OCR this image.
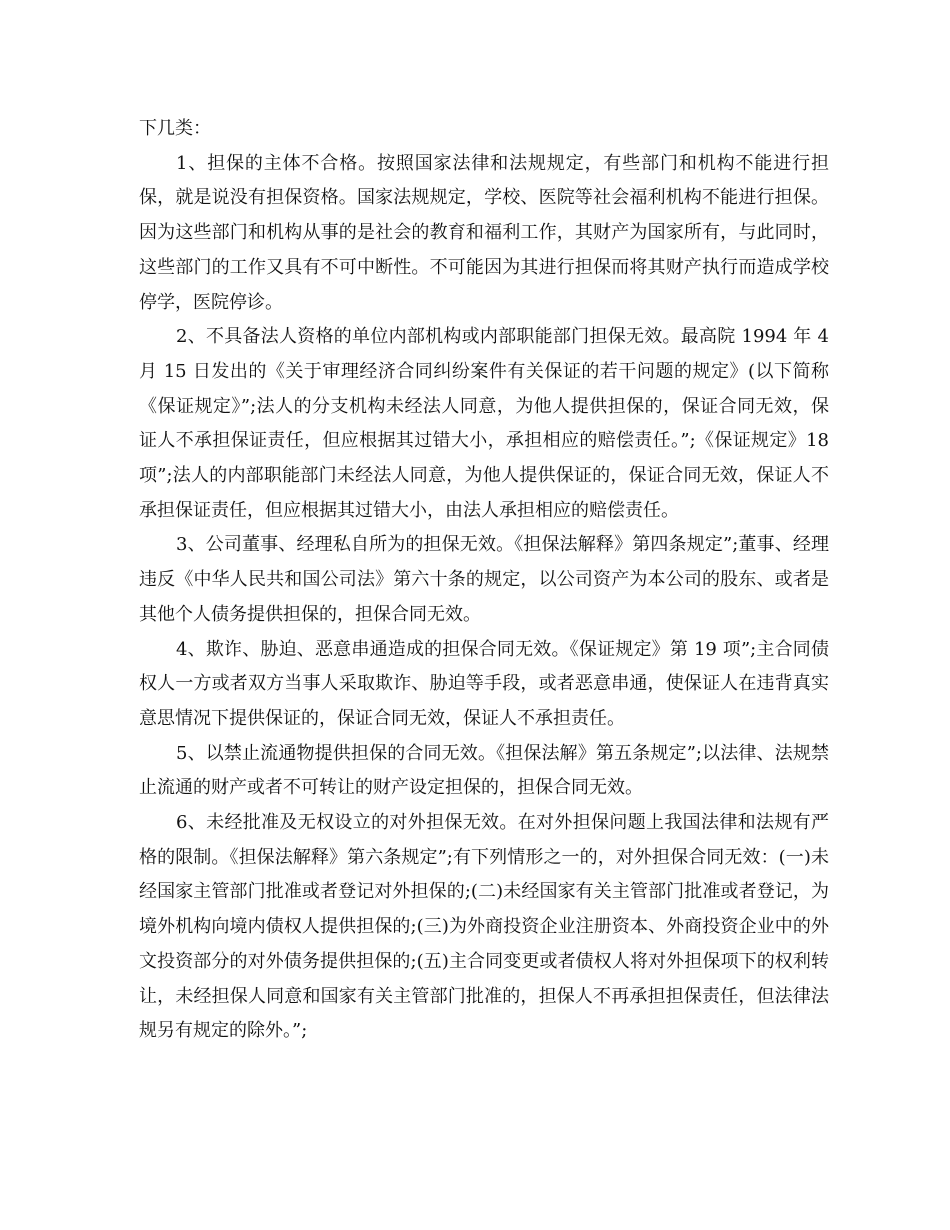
下几类：

1、担保的主体不合格。按照国家法律和法规规定，有些部门和机构不能进行担保，就是说没有担保资格。国家法规规定，学校、医院等社会福利机构不能进行担保。因为这些部门和机构从事的是社会的教育和福利工作，其财产为国家所有，与此同时，这些部门的工作又具有不可中断性。不可能因为其进行担保而将其财产执行而造成学校停学，医院停诊。

2、不具备法人资格的单位内部机构或内部职能部门担保无效。最高院 1994 年 4 月 15 日发出的《关于审理经济合同纠纷案件有关保证的若干问题的规定》(以下简称《保证规定》”;法人的分支机构未经法人同意，为他人提供担保的，保证合同无效，保证人不承担保证责任，但应根据其过错大小，承担相应的赔偿责任。”;《保证规定》18 项”;法人的内部职能部门未经法人同意，为他人提供保证的，保证合同无效，保证人不承担保证责任，但应根据其过错大小，由法人承担相应的赔偿责任。

3、公司董事、经理私自所为的担保无效。《担保法解释》第四条规定”;董事、经理违反《中华人民共和国公司法》第六十条的规定，以公司资产为本公司的股东、或者是其他个人债务提供担保的，担保合同无效。

4、欺诈、胁迫、恶意串通造成的担保合同无效。《保证规定》第 19 项”;主合同债权人一方或者双方当事人采取欺诈、胁迫等手段，或者恶意串通，使保证人在违背真实意思情况下提供保证的，保证合同无效，保证人不承担责任。

5、以禁止流通物提供担保的合同无效。《担保法解》第五条规定”;以法律、法规禁止流通的财产或者不可转让的财产设定担保的，担保合同无效。

6、未经批准及无权设立的对外担保无效。在对外担保问题上我国法律和法规有严格的限制。《担保法解释》第六条规定”;有下列情形之一的，对外担保合同无效：(一)未经国家主管部门批准或者登记对外担保的;(二)未经国家有关主管部门批准或者登记，为境外机构向境内债权人提供担保的;(三)为外商投资企业注册资本、外商投资企业中的外文投资部分的对外债务提供担保的;(五)主合同变更或者债权人将对外担保项下的权利转让，未经担保人同意和国家有关主管部门批准的，担保人不再承担担保责任，但法律法规另有规定的除外。”;
